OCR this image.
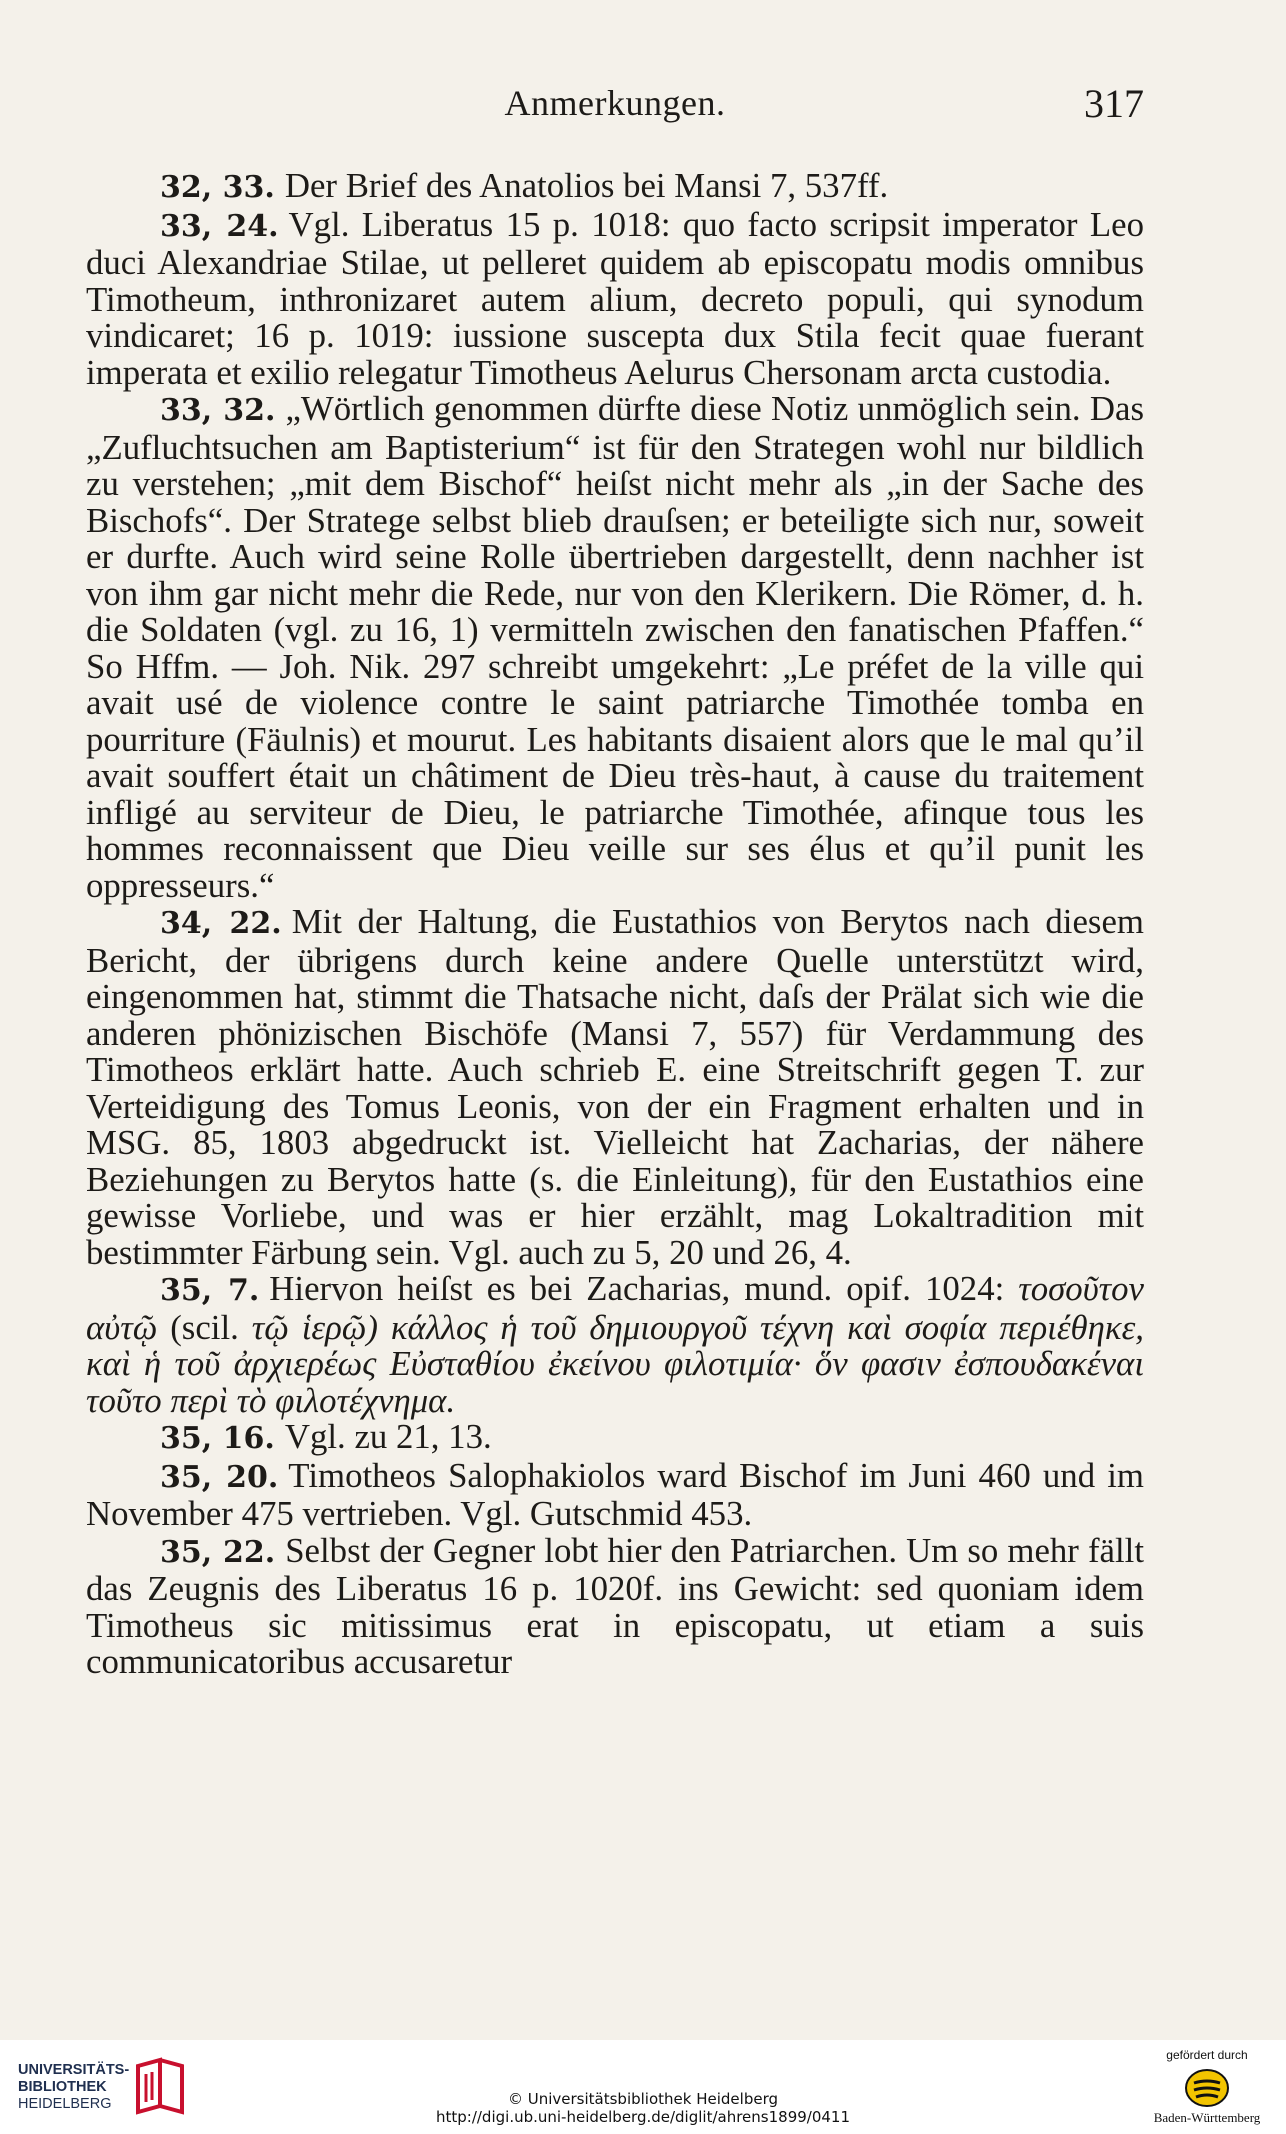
Anmerkungen.	317

32, 33. Der Brief des Anatolios bei Mansi 7, 537ff.

33, 24. Vgl. Liberatus 15 p. 1018: quo facto scripsit imperator Leo duci Alexandriae Stilae, ut pelleret quidem ab episcopatu modis omnibus Timotheum, inthronizaret autem alium, decreto populi, qui synodum vindicaret; 16 p. 1019: iussione suscepta dux Stila fecit quae fuerant imperata et exilio relegatur Timotheus Aelurus Chersonam arcta custodia.

33, 32. „Wörtlich genommen dürfte diese Notiz unmöglich sein. Das „Zufluchtsuchen am Baptisterium“ ist für den Strategen wohl nur bildlich zu verstehen; „mit dem Bischof“ heiſst nicht mehr als „in der Sache des Bischofs“. Der Stratege selbst blieb drauſsen; er beteiligte sich nur, soweit er durfte. Auch wird seine Rolle übertrieben dargestellt, denn nachher ist von ihm gar nicht mehr die Rede, nur von den Klerikern. Die Römer, d. h. die Soldaten (vgl. zu 16, 1) vermitteln zwischen den fanatischen Pfaffen.“ So Hffm. — Joh. Nik. 297 schreibt umgekehrt: „Le préfet de la ville qui avait usé de violence contre le saint patriarche Timothée tomba en pourriture (Fäulnis) et mourut. Les habitants disaient alors que le mal qu’il avait souffert était un châtiment de Dieu très-haut, à cause du traitement infligé au serviteur de Dieu, le patriarche Timothée, afinque tous les hommes reconnaissent que Dieu veille sur ses élus et qu’il punit les oppresseurs.“

34, 22. Mit der Haltung, die Eustathios von Berytos nach diesem Bericht, der übrigens durch keine andere Quelle unterstützt wird, eingenommen hat, stimmt die Thatsache nicht, daſs der Prälat sich wie die anderen phönizischen Bischöfe (Mansi 7, 557) für Verdammung des Timotheos erklärt hatte. Auch schrieb E. eine Streitschrift gegen T. zur Verteidigung des Tomus Leonis, von der ein Fragment erhalten und in MSG. 85, 1803 abgedruckt ist. Vielleicht hat Zacharias, der nähere Beziehungen zu Berytos hatte (s. die Einleitung), für den Eustathios eine gewisse Vorliebe, und was er hier erzählt, mag Lokaltradition mit bestimmter Färbung sein. Vgl. auch zu 5, 20 und 26, 4.

35, 7. Hiervon heiſst es bei Zacharias, mund. opif. 1024: τοσοῦτον αὐτῷ (scil. τῷ ἱερῷ) κάλλος ἡ τοῦ δημιουργοῦ τέχνη καὶ σοφία περιέθηκε, καὶ ἡ τοῦ ἀρχιερέως Εὐσταθίου ἐκείνου φιλοτιμία· ὅν φασιν ἐσπουδακέναι τοῦτο περὶ τὸ φιλοτέχνημα.

35, 16. Vgl. zu 21, 13.

35, 20. Timotheos Salophakiolos ward Bischof im Juni 460 und im November 475 vertrieben. Vgl. Gutschmid 453.

35, 22. Selbst der Gegner lobt hier den Patriarchen. Um so mehr fällt das Zeugnis des Liberatus 16 p. 1020f. ins Gewicht: sed quoniam idem Timotheus sic mitissimus erat in episcopatu, ut etiam a suis communicatoribus accusaretur

UNIVERSITÄTS-
BIBLIOTHEK
HEIDELBERG	© Universitätsbibliothek Heidelberg
http://digi.ub.uni-heidelberg.de/diglit/ahrens1899/0411
gefördert durch
Baden-Württemberg
